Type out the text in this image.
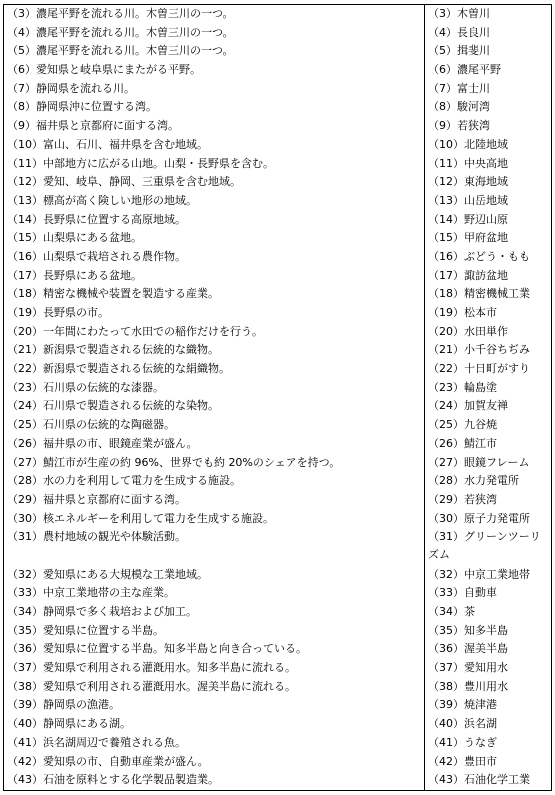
（3）濃尾平野を流れる川。木曽三川の一つ。	（3）木曽川
（4）濃尾平野を流れる川。木曽三川の一つ。	（4）長良川
（5）濃尾平野を流れる川。木曽三川の一つ。	（5）揖斐川
（6）愛知県と岐阜県にまたがる平野。	（6）濃尾平野
（7）静岡県を流れる川。	（7）富士川
（8）静岡県沖に位置する湾。	（8）駿河湾
（9）福井県と京都府に面する湾。	（9）若狭湾
（10）富山、石川、福井県を含む地域。	（10）北陸地域
（11）中部地方に広がる山地。山梨・長野県を含む。	（11）中央高地
（12）愛知、岐阜、静岡、三重県を含む地域。	（12）東海地域
（13）標高が高く険しい地形の地域。	（13）山岳地域
（14）長野県に位置する高原地域。	（14）野辺山原
（15）山梨県にある盆地。	（15）甲府盆地
（16）山梨県で栽培される農作物。	（16）ぶどう・もも
（17）長野県にある盆地。	（17）諏訪盆地
（18）精密な機械や装置を製造する産業。	（18）精密機械工業
（19）長野県の市。	（19）松本市
（20）一年間にわたって水田での稲作だけを行う。	（20）水田単作
（21）新潟県で製造される伝統的な織物。	（21）小千谷ちぢみ
（22）新潟県で製造される伝統的な絹織物。	（22）十日町がすり
（23）石川県の伝統的な漆器。	（23）輪島塗
（24）石川県で製造される伝統的な染物。	（24）加賀友禅
（25）石川県の伝統的な陶磁器。	（25）九谷焼
（26）福井県の市、眼鏡産業が盛ん。	（26）鯖江市
（27）鯖江市が生産の約 96%、世界でも約 20%のシェアを持つ。	（27）眼鏡フレーム
（28）水の力を利用して電力を生成する施設。	（28）水力発電所
（29）福井県と京都府に面する湾。	（29）若狭湾
（30）核エネルギーを利用して電力を生成する施設。	（30）原子力発電所
（31）農村地域の観光や体験活動。	（31）グリーンツーリズム
（32）愛知県にある大規模な工業地域。	（32）中京工業地帯
（33）中京工業地帯の主な産業。	（33）自動車
（34）静岡県で多く栽培および加工。	（34）茶
（35）愛知県に位置する半島。	（35）知多半島
（36）愛知県に位置する半島。知多半島と向き合っている。	（36）渥美半島
（37）愛知県で利用される灌漑用水。知多半島に流れる。	（37）愛知用水
（38）愛知県で利用される灌漑用水。渥美半島に流れる。	（38）豊川用水
（39）静岡県の漁港。	（39）焼津港
（40）静岡県にある湖。	（40）浜名湖
（41）浜名湖周辺で養殖される魚。	（41）うなぎ
（42）愛知県の市、自動車産業が盛ん。	（42）豊田市
（43）石油を原料とする化学製品製造業。	（43）石油化学工業
